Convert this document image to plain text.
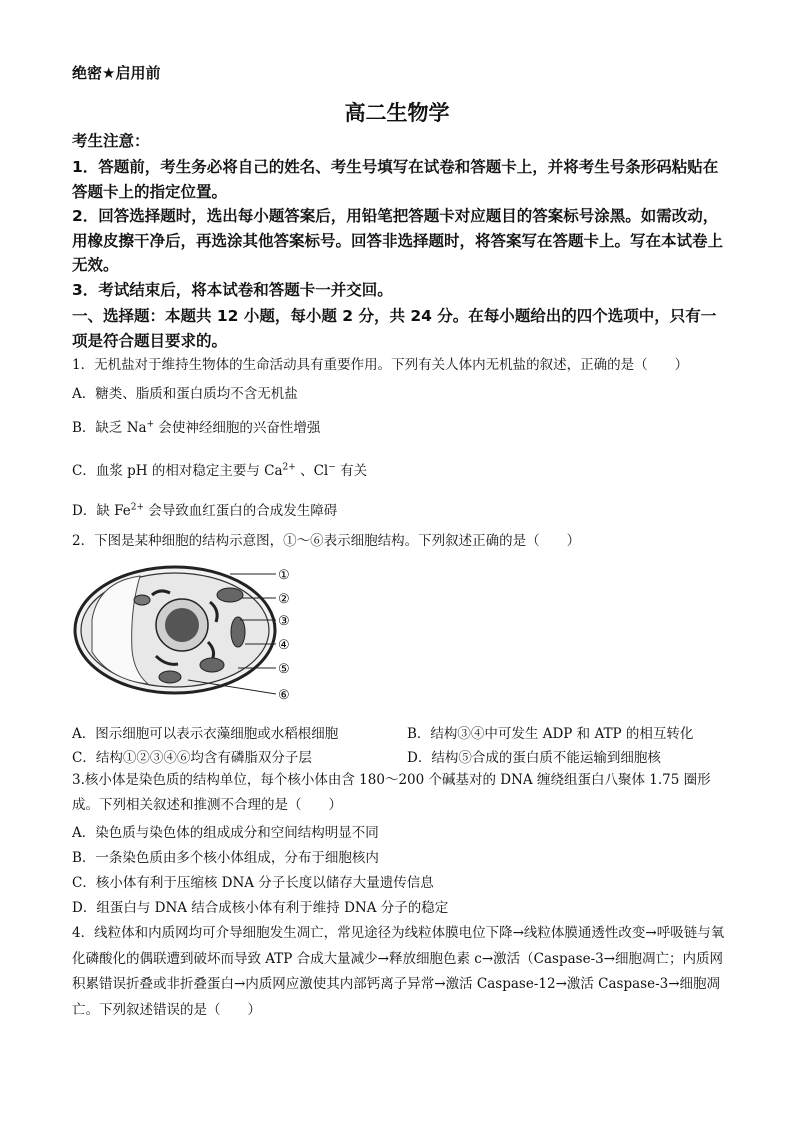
绝密★启用前
高二生物学
考生注意：
1．答题前，考生务必将自己的姓名、考生号填写在试卷和答题卡上，并将考生号条形码粘贴在答题卡上的指定位置。
2．回答选择题时，选出每小题答案后，用铅笔把答题卡对应题目的答案标号涂黑。如需改动，用橡皮擦干净后，再选涂其他答案标号。回答非选择题时，将答案写在答题卡上。写在本试卷上无效。
3．考试结束后，将本试卷和答题卡一并交回。
一、选择题：本题共 12 小题，每小题 2 分，共 24 分。在每小题给出的四个选项中，只有一项是符合题目要求的。
1．无机盐对于维持生物体的生命活动具有重要作用。下列有关人体内无机盐的叙述，正确的是（　　）
A．糖类、脂质和蛋白质均不含无机盐
B．缺乏 Na+ 会使神经细胞的兴奋性增强
C．血浆 pH 的相对稳定主要与 $Ca^{2+}$ 、Cl− 有关
D．缺 $Fe^{2+}$ 会导致血红蛋白的合成发生障碍
2．下图是某种细胞的结构示意图，①～⑥表示细胞结构。下列叙述正确的是（　　）
①
②
③
④
⑤
⑥
A．图示细胞可以表示衣藻细胞或水稻根细胞	B．结构③④中可发生 ADP 和 ATP 的相互转化
C．结构①②③④⑥均含有磷脂双分子层	D．结构⑤合成的蛋白质不能运输到细胞核
3.核小体是染色质的结构单位，每个核小体由含 180～200 个碱基对的 DNA 缠绕组蛋白八聚体 1.75 圈形成。下列相关叙述和推测不合理的是（　　）
A．染色质与染色体的组成成分和空间结构明显不同
B．一条染色质由多个核小体组成，分布于细胞核内
C．核小体有利于压缩核 DNA 分子长度以储存大量遗传信息
D．组蛋白与 DNA 结合成核小体有利于维持 DNA 分子的稳定
4．线粒体和内质网均可介导细胞发生凋亡，常见途径为线粒体膜电位下降→线粒体膜通透性改变→呼吸链与氧化磷酸化的偶联遭到破坏而导致 ATP 合成大量减少→释放细胞色素 c→激活（Caspase-3→细胞凋亡；内质网积累错误折叠或非折叠蛋白→内质网应激使其内部钙离子异常→激活 Caspase-12→激活 Caspase-3→细胞凋亡。下列叙述错误的是（　　）
